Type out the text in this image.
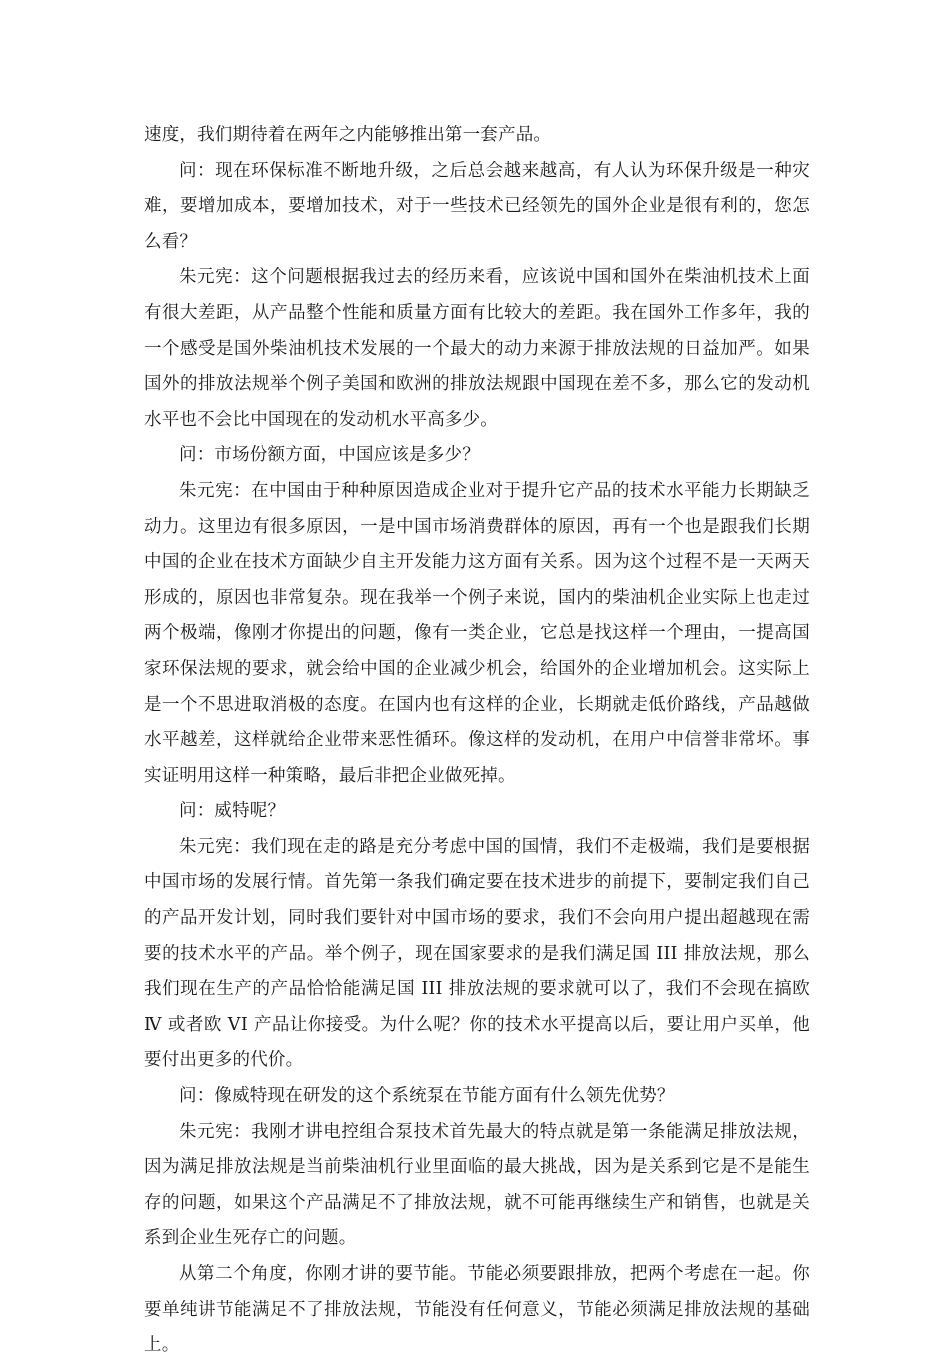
速度，我们期待着在两年之内能够推出第一套产品。

问：现在环保标准不断地升级，之后总会越来越高，有人认为环保升级是一种灾难，要增加成本，要增加技术，对于一些技术已经领先的国外企业是很有利的，您怎么看？

朱元宪：这个问题根据我过去的经历来看，应该说中国和国外在柴油机技术上面有很大差距，从产品整个性能和质量方面有比较大的差距。我在国外工作多年，我的一个感受是国外柴油机技术发展的一个最大的动力来源于排放法规的日益加严。如果国外的排放法规举个例子美国和欧洲的排放法规跟中国现在差不多，那么它的发动机水平也不会比中国现在的发动机水平高多少。

问：市场份额方面，中国应该是多少？

朱元宪：在中国由于种种原因造成企业对于提升它产品的技术水平能力长期缺乏动力。这里边有很多原因，一是中国市场消费群体的原因，再有一个也是跟我们长期中国的企业在技术方面缺少自主开发能力这方面有关系。因为这个过程不是一天两天形成的，原因也非常复杂。现在我举一个例子来说，国内的柴油机企业实际上也走过两个极端，像刚才你提出的问题，像有一类企业，它总是找这样一个理由，一提高国家环保法规的要求，就会给中国的企业减少机会，给国外的企业增加机会。这实际上是一个不思进取消极的态度。在国内也有这样的企业，长期就走低价路线，产品越做水平越差，这样就给企业带来恶性循环。像这样的发动机，在用户中信誉非常坏。事实证明用这样一种策略，最后非把企业做死掉。

问：威特呢？

朱元宪：我们现在走的路是充分考虑中国的国情，我们不走极端，我们是要根据中国市场的发展行情。首先第一条我们确定要在技术进步的前提下，要制定我们自己的产品开发计划，同时我们要针对中国市场的要求，我们不会向用户提出超越现在需要的技术水平的产品。举个例子，现在国家要求的是我们满足国 III 排放法规，那么我们现在生产的产品恰恰能满足国 III 排放法规的要求就可以了，我们不会现在搞欧 Ⅳ 或者欧 ⅤI 产品让你接受。为什么呢？你的技术水平提高以后，要让用户买单，他要付出更多的代价。

问：像威特现在研发的这个系统泵在节能方面有什么领先优势？

朱元宪：我刚才讲电控组合泵技术首先最大的特点就是第一条能满足排放法规，因为满足排放法规是当前柴油机行业里面临的最大挑战，因为是关系到它是不是能生存的问题，如果这个产品满足不了排放法规，就不可能再继续生产和销售，也就是关系到企业生死存亡的问题。

从第二个角度，你刚才讲的要节能。节能必须要跟排放，把两个考虑在一起。你要单纯讲节能满足不了排放法规，节能没有任何意义，节能必须满足排放法规的基础上。
